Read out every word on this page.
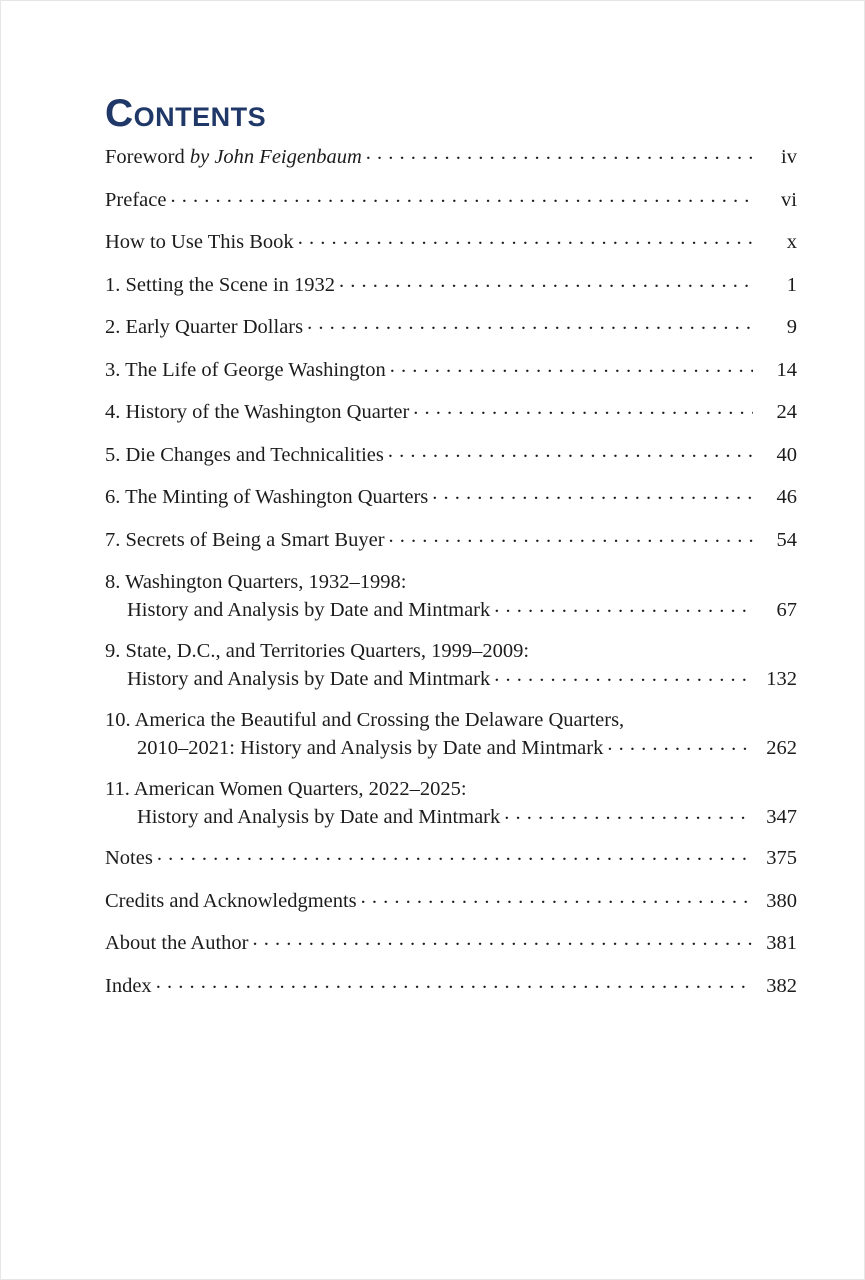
Contents
Foreword by John Feigenbaum . . .	iv
Preface . . .	vi
How to Use This Book . . .	x
1. Setting the Scene in 1932 . . .	1
2. Early Quarter Dollars . . .	9
3. The Life of George Washington . . .	14
4. History of the Washington Quarter . . .	24
5. Die Changes and Technicalities . . .	40
6. The Minting of Washington Quarters . . .	46
7. Secrets of Being a Smart Buyer . . .	54
8. Washington Quarters, 1932–1998:
History and Analysis by Date and Mintmark . . .	67
9. State, D.C., and Territories Quarters, 1999–2009:
History and Analysis by Date and Mintmark . . .	132
10. America the Beautiful and Crossing the Delaware Quarters,
2010–2021: History and Analysis by Date and Mintmark . . .	262
11. American Women Quarters, 2022–2025:
History and Analysis by Date and Mintmark . . .	347
Notes . . .	375
Credits and Acknowledgments . . .	380
About the Author . . .	381
Index . . .	382
